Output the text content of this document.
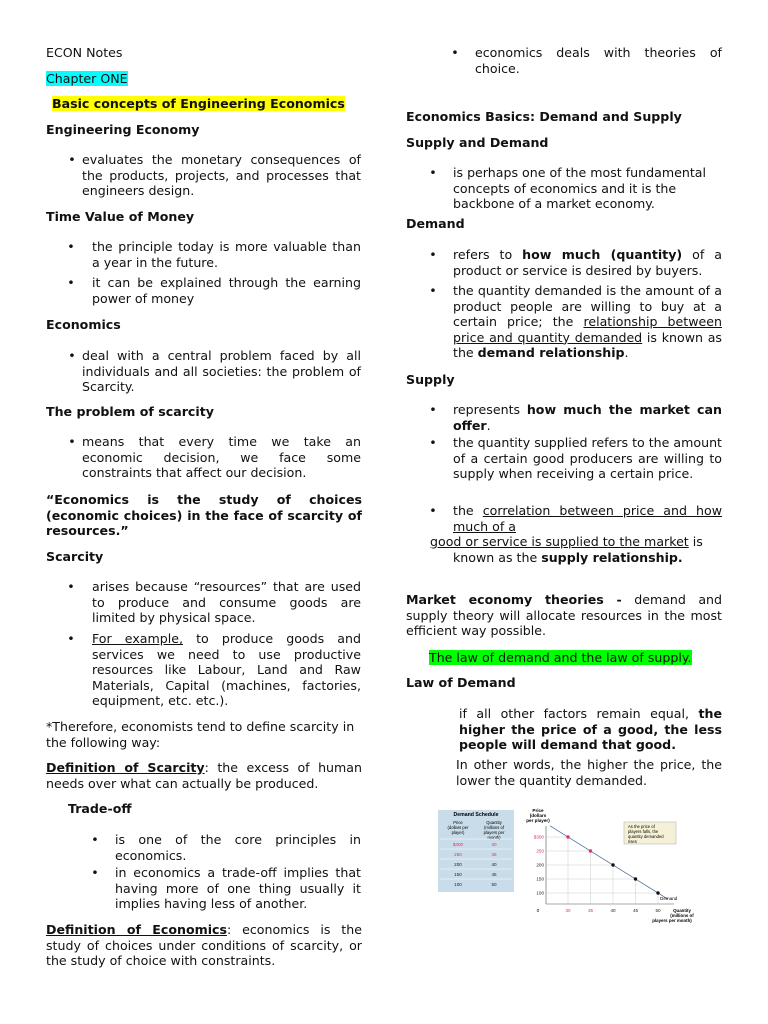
ECON Notes

Chapter ONE

Basic concepts of Engineering Economics

Engineering Economy

• evaluates the monetary consequences of the products, projects, and processes that engineers design.

Time Value of Money

• the principle today is more valuable than a year in the future.

• it can be explained through the earning power of money

Economics

• deal with a central problem faced by all individuals and all societies: the problem of Scarcity.

The problem of scarcity

• means that every time we take an economic decision, we face some constraints that affect our decision.

“Economics is the study of choices (economic choices) in the face of scarcity of resources.”

Scarcity

• arises because “resources” that are used to produce and consume goods are limited by physical space.

• For example, to produce goods and services we need to use productive resources like Labour, Land and Raw Materials, Capital (machines, factories, equipment, etc. etc.).

*Therefore, economists tend to define scarcity in the following way:

Definition of Scarcity: the excess of human needs over what can actually be produced.

Trade-off

• is one of the core principles in economics.

• in economics a trade-off implies that having more of one thing usually it implies having less of another.

Definition of Economics: economics is the study of choices under conditions of scarcity, or the study of choice with constraints.

• economics deals with theories of choice.

Economics Basics: Demand and Supply

Supply and Demand

• is perhaps one of the most fundamental concepts of economics and it is the backbone of a market economy.

Demand

• refers to how much (quantity) of a product or service is desired by buyers.

• the quantity demanded is the amount of a product people are willing to buy at a certain price; the relationship between price and quantity demanded is known as the demand relationship.

Supply

• represents how much the market can offer.

• the quantity supplied refers to the amount of a certain good producers are willing to supply when receiving a certain price.

• the correlation between price and how much of a

good or service is supplied to the market is

known as the supply relationship.

Market economy theories - demand and supply theory will allocate resources in the most efficient way possible.

The law of demand and the law of supply.

Law of Demand

if all other factors remain equal, the higher the price of a good, the less people will demand that good.

In other words, the higher the price, the lower the quantity demanded.

Demand Schedule
Price (dollars per player)
Quantity (millions of players per month)
$300	30
250	35
200	40
150	45
100	50
Price (dollars per player)
$300
250
200
150
100
30	35	40	45	50
0	Quantity (millions of players per month)
Demand
As the price of players falls, the quantity demanded rises
